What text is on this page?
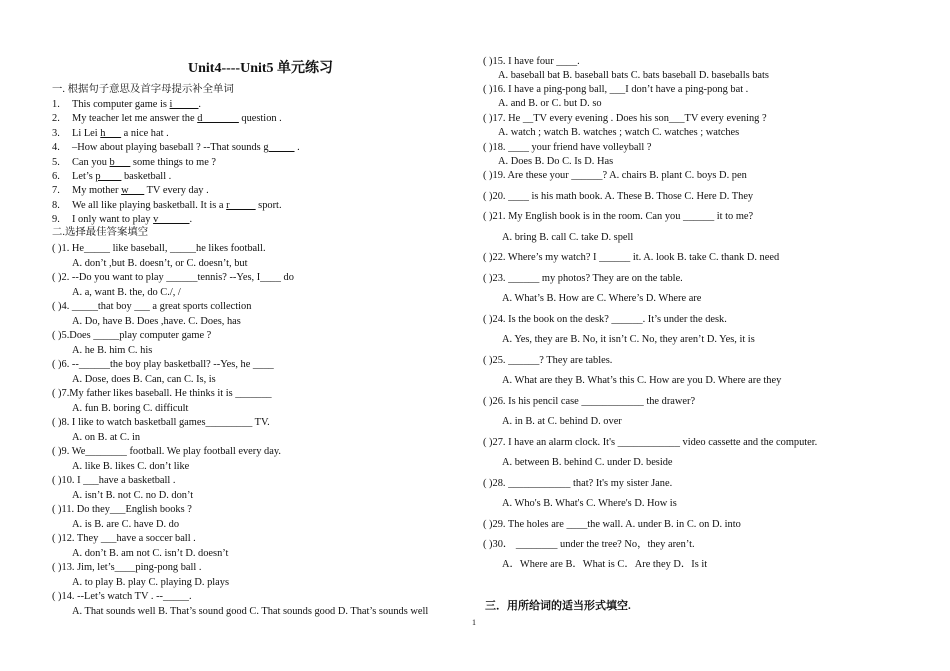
Unit4----Unit5 单元练习
一. 根据句子意思及首字母提示补全单词
1. This computer game is i_____.
2. My teacher let me answer the d_______ question .
3. Li Lei h___ a nice hat .
4. –How about playing baseball ? --That sounds g_____ .
5. Can you b___ some things to me ?
6. Let’s p____ basketball .
7. My mother w___ TV every day .
8. We all like playing basketball. It is a r_____ sport.
9. I only want to play v______.
二.选择最佳答案填空
( )1. He_____ like baseball, _____he likes football.
A. don’t ,but B. doesn’t, or C. doesn’t, but
( )2. --Do you want to play ______tennis? --Yes, I____ do
A. a, want B. the, do C./, /
( )4. _____that boy ___ a great sports collection
A. Do, have B. Does ,have. C. Does, has
( )5.Does _____play computer game ?
A. he B. him C. his
( )6. --______the boy play basketball? --Yes, he ____
A. Dose, does B. Can, can C. Is, is
( )7.My father likes baseball. He thinks it is _______
A. fun B. boring C. difficult
( )8. I like to watch basketball games_________ TV.
A. on B. at C. in
( )9. We________ football. We play football every day.
A. like B. likes C. don’t like
( )10. I ___have a basketball .
A. isn’t B. not C. no D. don’t
( )11. Do they___English books ?
A. is B. are C. have D. do
( )12. They ___have a soccer ball .
A. don’t B. am not C. isn’t D. doesn’t
( )13. Jim, let’s____ping-pong ball .
A. to play B. play C. playing D. plays
( )14. --Let’s watch TV . --_____.
A. That sounds well B. That’s sound good C. That sounds good D. That’s sounds well
( )15. I have four ____.
A. baseball bat B. baseball bats C. bats baseball D. baseballs bats
( )16. I have a ping-pong ball, ___I don’t have a ping-pong bat .
A. and B. or C. but D. so
( )17. He __TV every evening . Does his son___TV every evening ?
A. watch ; watch B. watches ; watch C. watches ; watches
( )18. ____ your friend have volleyball ?
A. Does B. Do C. Is D. Has
( )19. Are these your ______? A. chairs B. plant C. boys D. pen
( )20. ____ is his math book. A. These B. Those C. Here D. They
( )21. My English book is in the room. Can you ______ it to me?
A. bring B. call C. take D. spell
( )22. Where’s my watch? I ______ it. A. look B. take C. thank D. need
( )23. ______ my photos? They are on the table.
A. What’s B. How are C. Where’s D. Where are
( )24. Is the book on the desk? ______. It’s under the desk.
A. Yes, they are B. No, it isn’t C. No, they aren’t D. Yes, it is
( )25. ______? They are tables.
A. What are they B. What’s this C. How are you D. Where are they
( )26. Is his pencil case ____________ the drawer?
A. in B. at C. behind D. over
( )27. I have an alarm clock. It's ____________ video cassette and the computer.
A. between B. behind C. under D. beside
( )28. ____________ that? It's my sister Jane.
A. Who's B. What's C. Where's D. How is
( )29. The holes are ____the wall. A. under B. in C. on D. into
( )30． ________ under the tree? No，they aren’t.
A．Where are B．What is C．Are they D．Is it
三．用所给词的适当形式填空.
1
